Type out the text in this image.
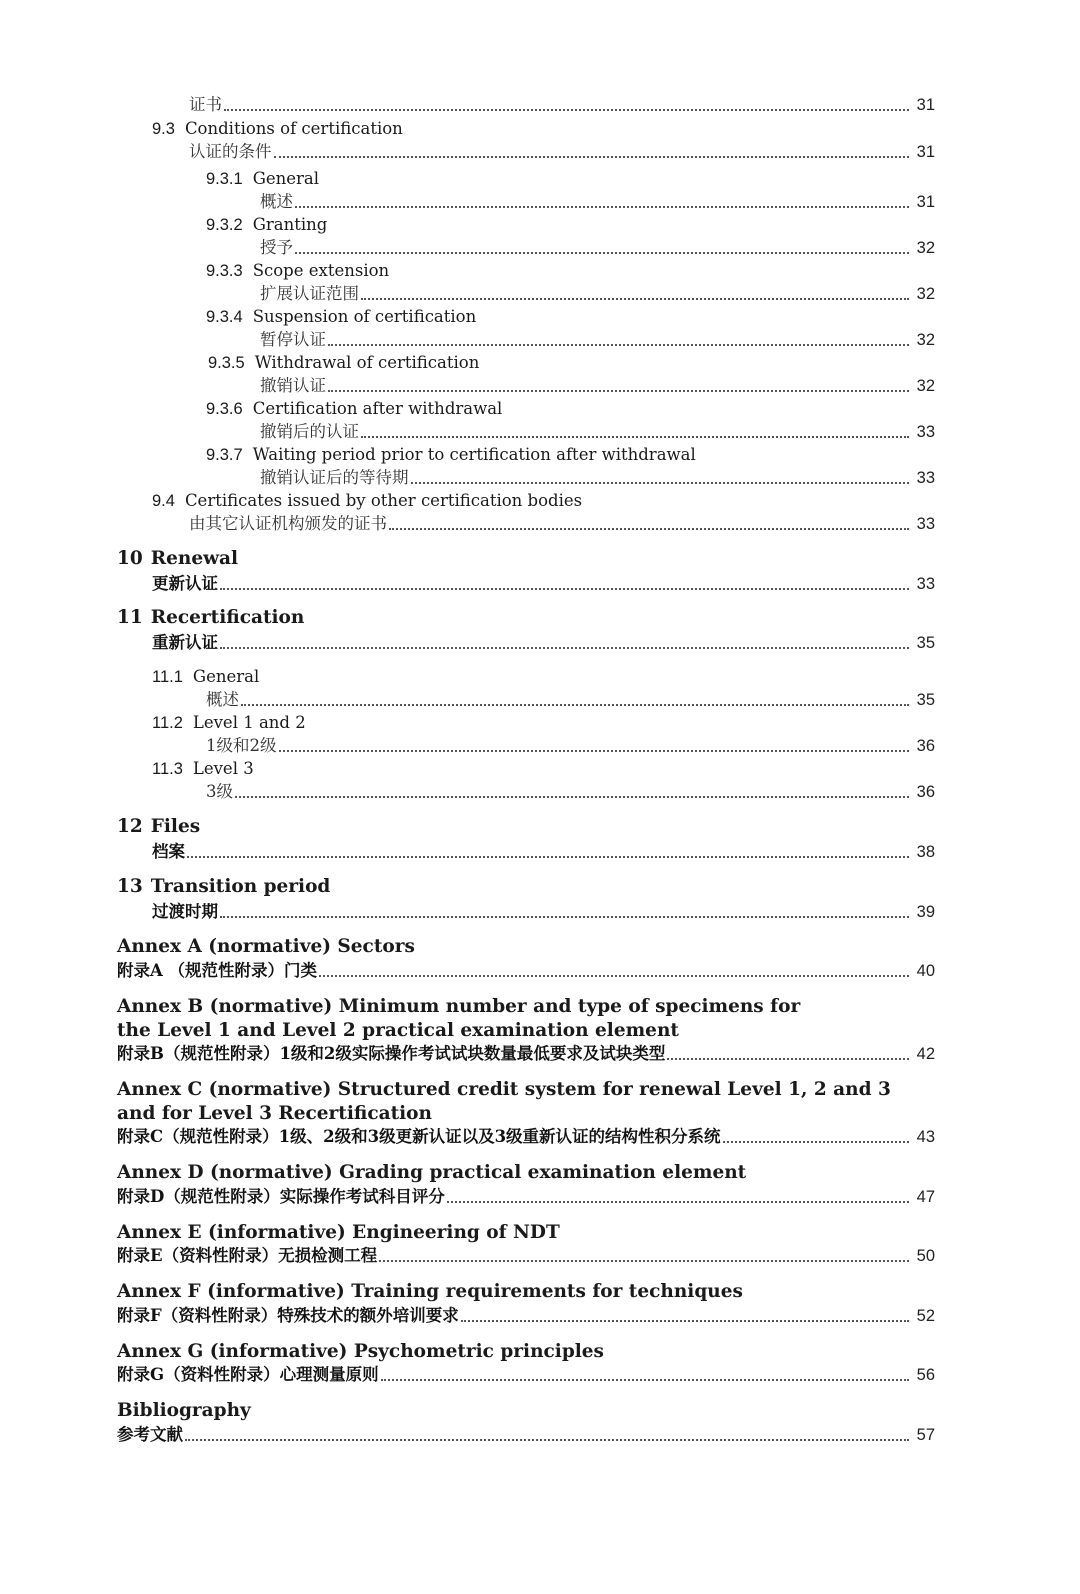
证书	31
9.3 Conditions of certification
认证的条件	31
9.3.1 General
概述	31
9.3.2 Granting
授予	32
9.3.3 Scope extension
扩展认证范围	32
9.3.4 Suspension of certification
暂停认证	32
9.3.5 Withdrawal of certification
撤销认证	32
9.3.6 Certification after withdrawal
撤销后的认证	33
9.3.7 Waiting period prior to certification after withdrawal
撤销认证后的等待期	33
9.4 Certificates issued by other certification bodies
由其它认证机构颁发的证书	33
10 Renewal
更新认证	33
11 Recertification
重新认证	35
11.1 General
概述	35
11.2 Level 1 and 2
1级和2级	36
11.3 Level 3
3级	36
12 Files
档案	38
13 Transition period
过渡时期	39
Annex A (normative) Sectors
附录A （规范性附录）门类	40
Annex B (normative) Minimum number and type of specimens for
the Level 1 and Level 2 practical examination element
附录B（规范性附录）1级和2级实际操作考试试块数量最低要求及试块类型	42
Annex C (normative) Structured credit system for renewal Level 1, 2 and 3
and for Level 3 Recertification
附录C（规范性附录）1级、2级和3级更新认证以及3级重新认证的结构性积分系统	43
Annex D (normative) Grading practical examination element
附录D（规范性附录）实际操作考试科目评分	47
Annex E (informative) Engineering of NDT
附录E（资料性附录）无损检测工程	50
Annex F (informative) Training requirements for techniques
附录F（资料性附录）特殊技术的额外培训要求	52
Annex G (informative) Psychometric principles
附录G（资料性附录）心理测量原则	56
Bibliography
参考文献	57
